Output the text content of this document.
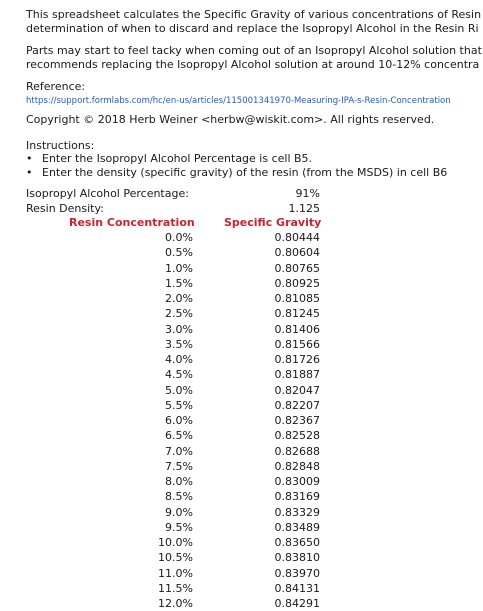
This spreadsheet calculates the Specific Gravity of various concentrations of Resin
determination of when to discard and replace the Isopropyl Alcohol in the Resin Ri
Parts may start to feel tacky when coming out of an Isopropyl Alcohol solution that
recommends replacing the Isopropyl Alcohol solution at around 10-12% concentra
Reference:
https://support.formlabs.com/hc/en-us/articles/115001341970-Measuring-IPA-s-Resin-Concentration
Copyright © 2018 Herb Weiner <herbw@wiskit.com>. All rights reserved.
Instructions:
• Enter the Isopropyl Alcohol Percentage is cell B5.
• Enter the density (specific gravity) of the resin (from the MSDS) in cell B6
Isopropyl Alcohol Percentage:	91%
Resin Density:	1.125
Resin Concentration	Specific Gravity
0.0%	0.80444
0.5%	0.80604
1.0%	0.80765
1.5%	0.80925
2.0%	0.81085
2.5%	0.81245
3.0%	0.81406
3.5%	0.81566
4.0%	0.81726
4.5%	0.81887
5.0%	0.82047
5.5%	0.82207
6.0%	0.82367
6.5%	0.82528
7.0%	0.82688
7.5%	0.82848
8.0%	0.83009
8.5%	0.83169
9.0%	0.83329
9.5%	0.83489
10.0%	0.83650
10.5%	0.83810
11.0%	0.83970
11.5%	0.84131
12.0%	0.84291
